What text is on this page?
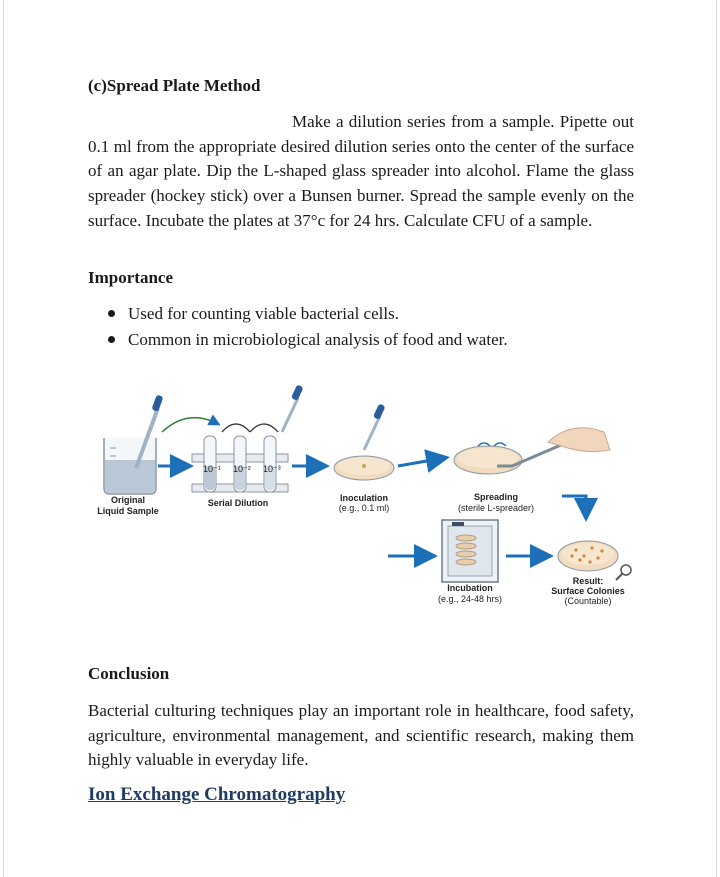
(c)Spread Plate Method

Make a dilution series from a sample. Pipette out 0.1 ml from the appropriate desired dilution series onto the center of the surface of an agar plate. Dip the L-shaped glass spreader into alcohol. Flame the glass spreader (hockey stick) over a Bunsen burner. Spread the sample evenly on the surface. Incubate the plates at 37°c for 24 hrs. Calculate CFU of a sample.

Importance
Used for counting viable bacterial cells.
Common in microbiological analysis of food and water.
10⁻¹ 10⁻² 10⁻³
Spreading
(sterile L-spreader)
Original
Liquid Sample
Serial Dilution	Inoculation
(e.g., 0.1 ml)
Incubation
(e.g., 24-48 hrs)
Result:
Surface Colonies
(Countable)
Conclusion

Bacterial culturing techniques play an important role in healthcare, food safety, agriculture, environmental management, and scientific research, making them highly valuable in everyday life.

Ion Exchange Chromatography
